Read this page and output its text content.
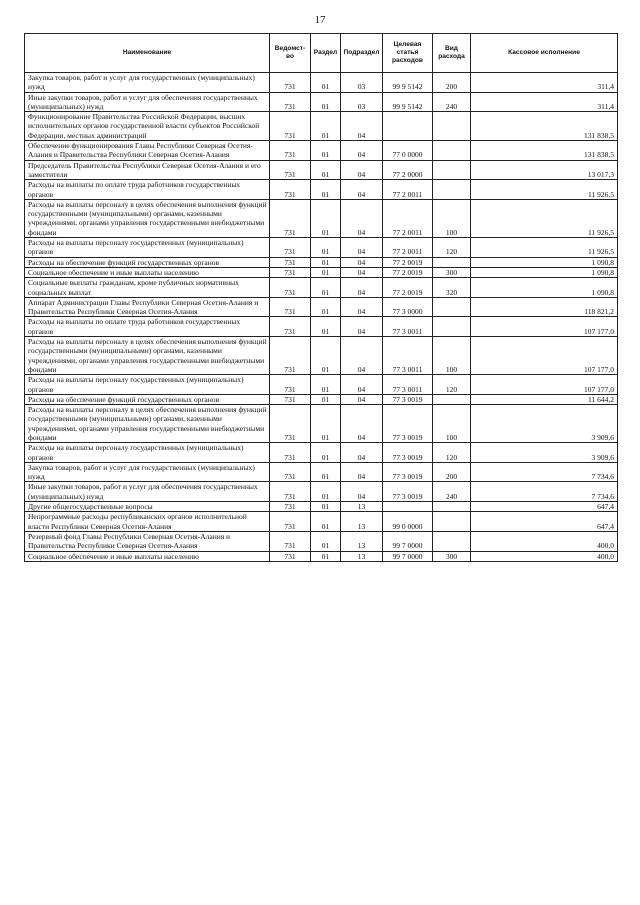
17
Наименование	Ведомст-во	Раздел	Подраздел	Целевая статья расходов	Вид расхода	Кассовое исполнение
Закупка товаров, работ и услуг для государственных (муниципальных) нужд	731	01	03	99 9 5142	200	311,4
Иные закупки товаров, работ и услуг для обеспечения государственных (муниципальных) нужд	731	01	03	99 9 5142	240	311,4
Функционирование Правительства Российской Федерации, высших исполнительных органов государственной власти субъектов Российской Федерации, местных администраций	731	01	04			131 838,5
Обеспечение функционирования Главы Республики Северная Осетия-Алания и Правительства Республики Северная Осетия-Алания	731	01	04	77 0 0000		131 838,5
Председатель Правительства Республики Северная Осетия-Алания и его заместители	731	01	04	77 2 0000		13 017,3
Расходы на выплаты по оплате труда работников государственных органов	731	01	04	77 2 0011		11 926,5
Расходы на выплаты персоналу в целях обеспечения выполнения функций государственными (муниципальными) органами, казенными учреждениями, органами управления государственными внебюджетными фондами	731	01	04	77 2 0011	100	11 926,5
Расходы на выплаты персоналу государственных (муниципальных) органов	731	01	04	77 2 0011	120	11 926,5
Расходы на обеспечение функций государственных органов	731	01	04	77 2 0019		1 090,8
Социальное обеспечение и иные выплаты населению	731	01	04	77 2 0019	300	1 090,8
Социальные выплаты гражданам, кроме публичных нормативных социальных выплат	731	01	04	77 2 0019	320	1 090,8
Аппарат Администрации Главы Республики Северная Осетия-Алания и Правительства Республики Северная Осетия-Алания	731	01	04	77 3 0000		118 821,2
Расходы на выплаты по оплате труда работников государственных органов	731	01	04	77 3 0011		107 177,0
Расходы на выплаты персоналу в целях обеспечения выполнения функций государственными (муниципальными) органами, казенными учреждениями, органами управления государственными внебюджетными фондами	731	01	04	77 3 0011	100	107 177,0
Расходы на выплаты персоналу государственных (муниципальных) органов	731	01	04	77 3 0011	120	107 177,0
Расходы на обеспечение функций государственных органов	731	01	04	77 3 0019		11 644,2
Расходы на выплаты персоналу в целях обеспечения выполнения функций государственными (муниципальными) органами, казенными учреждениями, органами управления государственными внебюджетными фондами	731	01	04	77 3 0019	100	3 909,6
Расходы на выплаты персоналу государственных (муниципальных) органов	731	01	04	77 3 0019	120	3 909,6
Закупка товаров, работ и услуг для государственных (муниципальных) нужд	731	01	04	77 3 0019	200	7 734,6
Иные закупки товаров, работ и услуг для обеспечения государственных (муниципальных) нужд	731	01	04	77 3 0019	240	7 734,6
Другие общегосударственные вопросы	731	01	13			647,4
Непрограммные расходы республиканских органов исполнительной власти Республики Северная Осетия-Алания	731	01	13	99 0 0000		647,4
Резервный фонд Главы Республики Северная Осетия-Алания и Правительства Республики Северная Осетия-Алания	731	01	13	99 7 0000		400,0
Социальное обеспечение и иные выплаты населению	731	01	13	99 7 0000	300	400,0
